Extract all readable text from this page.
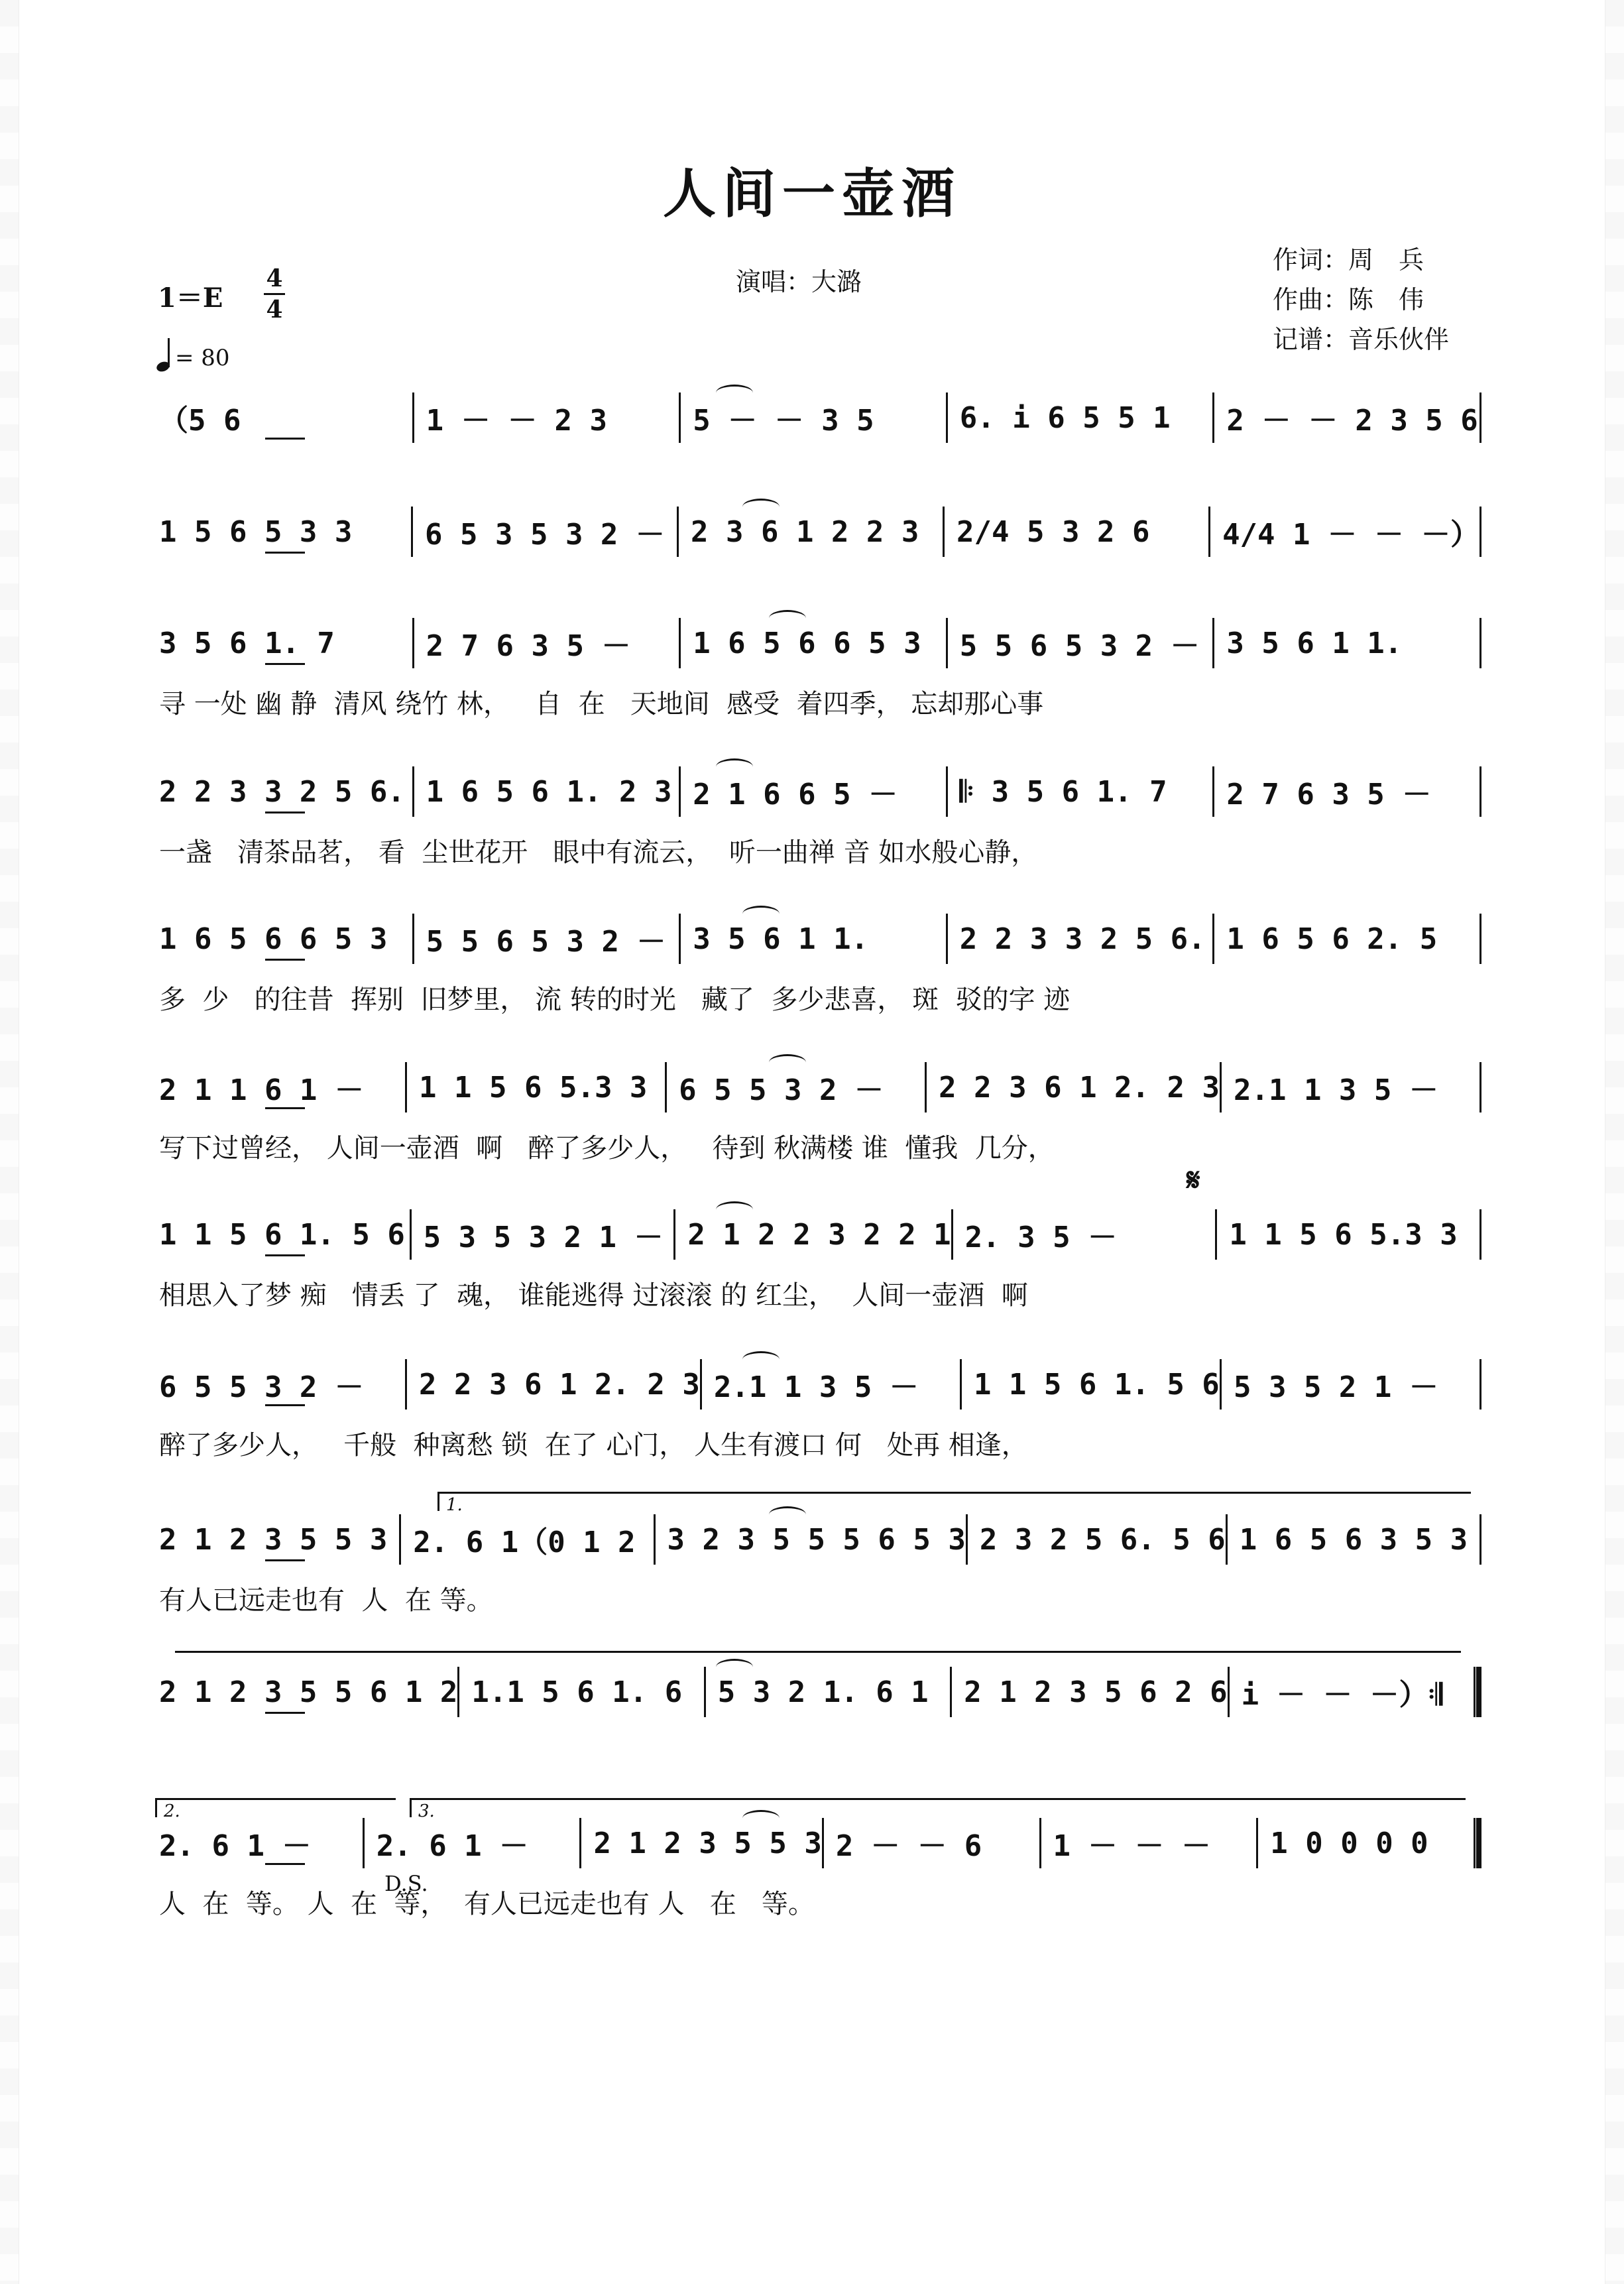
人间一壶酒
演唱：大潞
作词：周　兵
作曲：陈　伟
记谱：音乐伙伴
1＝E
4
4
= 80
（5 6	1 － － 2 3	5 － － 3 5	6. i 6 5 5 1	2 － － 2 3 5 6
1 5 6 5 3 3	6 5 3 5 3 2 － 2 3 6 1 2 2 3	2/4 5 3 2 6	4/4 1 － － －）
3 5 6 1. 7	2 7 6 3 5 －	1 6 5 6 6 5 3	5 5 6 5 3 2 － 3 5 6 1 1.
寻 一处 幽 静  清风 绕竹 林，   自  在   天地间  感受  着四季， 忘却那心事
2 2 3 3 2 5 6. 1 6 5 6 1. 2 3 2 1 6 6 5 －	𝄆 3 5 6 1. 7	2 7 6 3 5 －
一盏   清茶品茗， 看  尘世花开   眼中有流云，  听一曲禅 音 如水般心静，
1 6 5 6 6 5 3	5 5 6 5 3 2 － 3 5 6 1 1.	2 2 3 3 2 5 6. 1 6 5 6 2. 5
多  少   的往昔  挥别  旧梦里， 流 转的时光   藏了  多少悲喜， 斑  驳的字 迹
2 1 1 6 1 －	1 1 5 6 5.3 3	6 5 5 3 2 －	2 2 3 6 1 2. 2 3 2.1 1 3 5 －
写下过曾经， 人间一壶酒  啊   醉了多少人，   待到 秋满楼 谁  懂我  几分，
1 1 5 6 1. 5 6 5 3 5 3 2 1 － 2 1 2 2 3 2 2 1 2. 3 5 －	1 1 5 6 5.3 3
相思入了梦 痴   情丢 了  魂， 谁能逃得 过滚滚 的 红尘，  人间一壶酒  啊
6 5 5 3 2 －	2 2 3 6 1 2. 2 3 2.1 1 3 5 －	1 1 5 6 1. 5 6 5 3 5 2 1 －
醉了多少人，   千般  种离愁 锁  在了 心门， 人生有渡口 何   处再 相逢，
2 1 2 3 5 5 3 2. 6 1（0 1 2	3 2 3 5 5 5 6 5 3 2 3 2 5 6. 5 6 1 6 5 6 3 5 3
有人已远走也有  人  在 等。
2 1 2 3 5 5 6 1 2 1.1 5 6 1. 6	5 3 2 1. 6 1	2 1 2 3 5 6 2 6 i － － －）𝄇
2. 6 1 －	2. 6 1 －	2 1 2 3 5 5 3 2 － － 6	1 － － －	1 0 0 0 0
人  在  等。 人  在  等，  有人已远走也有 人   在   等。
𝄋
D.S.
1.
2.	3.
